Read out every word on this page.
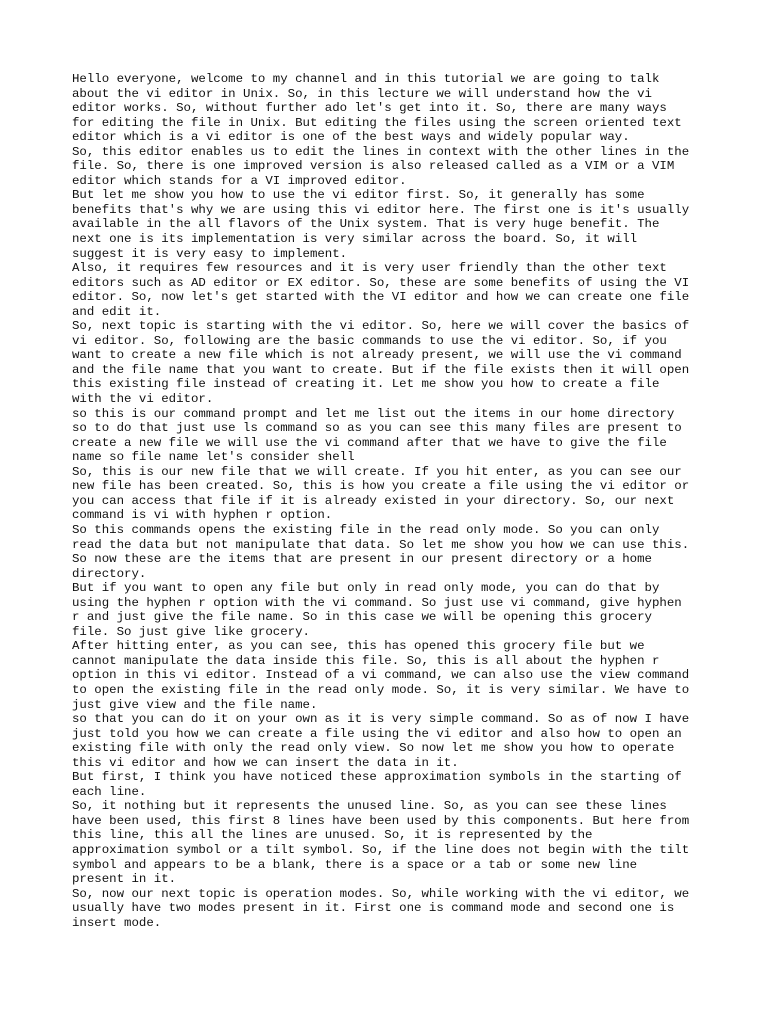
Hello everyone, welcome to my channel and in this tutorial we are going to talk
about the vi editor in Unix. So, in this lecture we will understand how the vi
editor works. So, without further ado let's get into it. So, there are many ways
for editing the file in Unix. But editing the files using the screen oriented text
editor which is a vi editor is one of the best ways and widely popular way.

So, this editor enables us to edit the lines in context with the other lines in the
file. So, there is one improved version is also released called as a VIM or a VIM
editor which stands for a VI improved editor.

But let me show you how to use the vi editor first. So, it generally has some
benefits that's why we are using this vi editor here. The first one is it's usually
available in the all flavors of the Unix system. That is very huge benefit. The
next one is its implementation is very similar across the board. So, it will
suggest it is very easy to implement.

Also, it requires few resources and it is very user friendly than the other text
editors such as AD editor or EX editor. So, these are some benefits of using the VI
editor. So, now let's get started with the VI editor and how we can create one file
and edit it.

So, next topic is starting with the vi editor. So, here we will cover the basics of
vi editor. So, following are the basic commands to use the vi editor. So, if you
want to create a new file which is not already present, we will use the vi command
and the file name that you want to create. But if the file exists then it will open
this existing file instead of creating it. Let me show you how to create a file
with the vi editor.

so this is our command prompt and let me list out the items in our home directory
so to do that just use ls command so as you can see this many files are present to
create a new file we will use the vi command after that we have to give the file
name so file name let's consider shell

So, this is our new file that we will create. If you hit enter, as you can see our
new file has been created. So, this is how you create a file using the vi editor or
you can access that file if it is already existed in your directory. So, our next
command is vi with hyphen r option.

So this commands opens the existing file in the read only mode. So you can only
read the data but not manipulate that data. So let me show you how we can use this.
So now these are the items that are present in our present directory or a home
directory.

But if you want to open any file but only in read only mode, you can do that by
using the hyphen r option with the vi command. So just use vi command, give hyphen
r and just give the file name. So in this case we will be opening this grocery
file. So just give like grocery.

After hitting enter, as you can see, this has opened this grocery file but we
cannot manipulate the data inside this file. So, this is all about the hyphen r
option in this vi editor. Instead of a vi command, we can also use the view command
to open the existing file in the read only mode. So, it is very similar. We have to
just give view and the file name.

so that you can do it on your own as it is very simple command. So as of now I have
just told you how we can create a file using the vi editor and also how to open an
existing file with only the read only view. So now let me show you how to operate
this vi editor and how we can insert the data in it.

But first, I think you have noticed these approximation symbols in the starting of
each line.

So, it nothing but it represents the unused line. So, as you can see these lines
have been used, this first 8 lines have been used by this components. But here from
this line, this all the lines are unused. So, it is represented by the
approximation symbol or a tilt symbol. So, if the line does not begin with the tilt
symbol and appears to be a blank, there is a space or a tab or some new line
present in it.

So, now our next topic is operation modes. So, while working with the vi editor, we
usually have two modes present in it. First one is command mode and second one is
insert mode.
